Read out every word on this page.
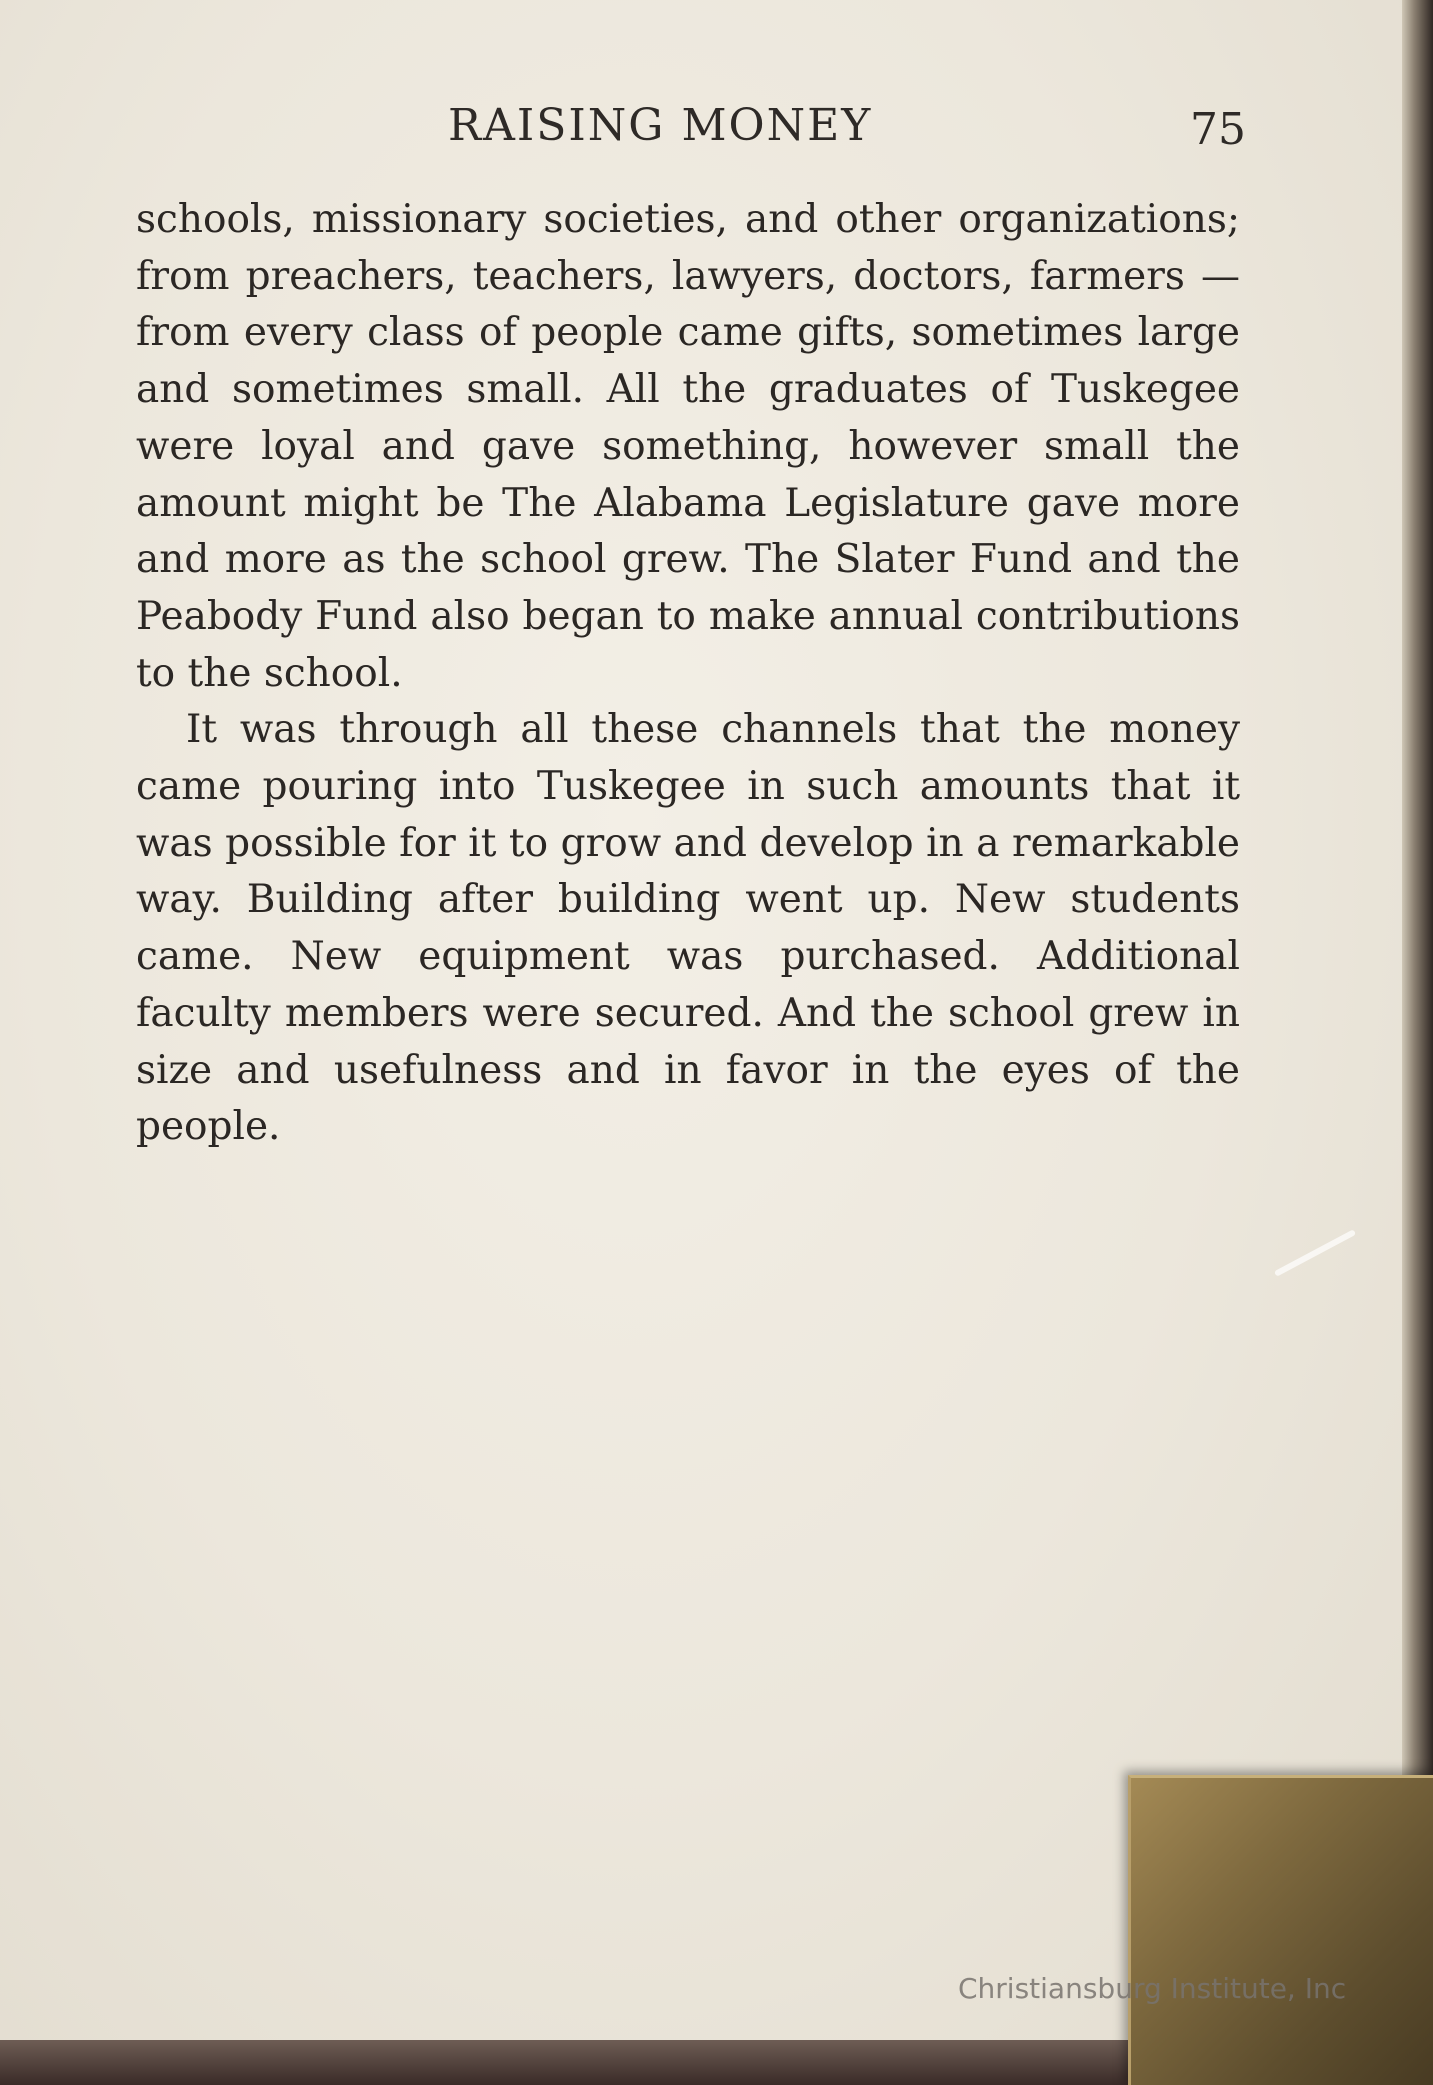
RAISING MONEY	75

schools, missionary societies, and other organizations; from preachers, teachers, lawyers, doctors, farmers — from every class of people came gifts, sometimes large and sometimes small. All the graduates of Tuskegee were loyal and gave something, however small the amount might be The Alabama Legislature gave more and more as the school grew. The Slater Fund and the Peabody Fund also began to make annual contributions to the school.

It was through all these channels that the money came pouring into Tuskegee in such amounts that it was possible for it to grow and develop in a remarkable way. Building after building went up. New students came. New equipment was purchased. Additional faculty members were secured. And the school grew in size and usefulness and in favor in the eyes of the people.

Christiansburg Institute, Inc
